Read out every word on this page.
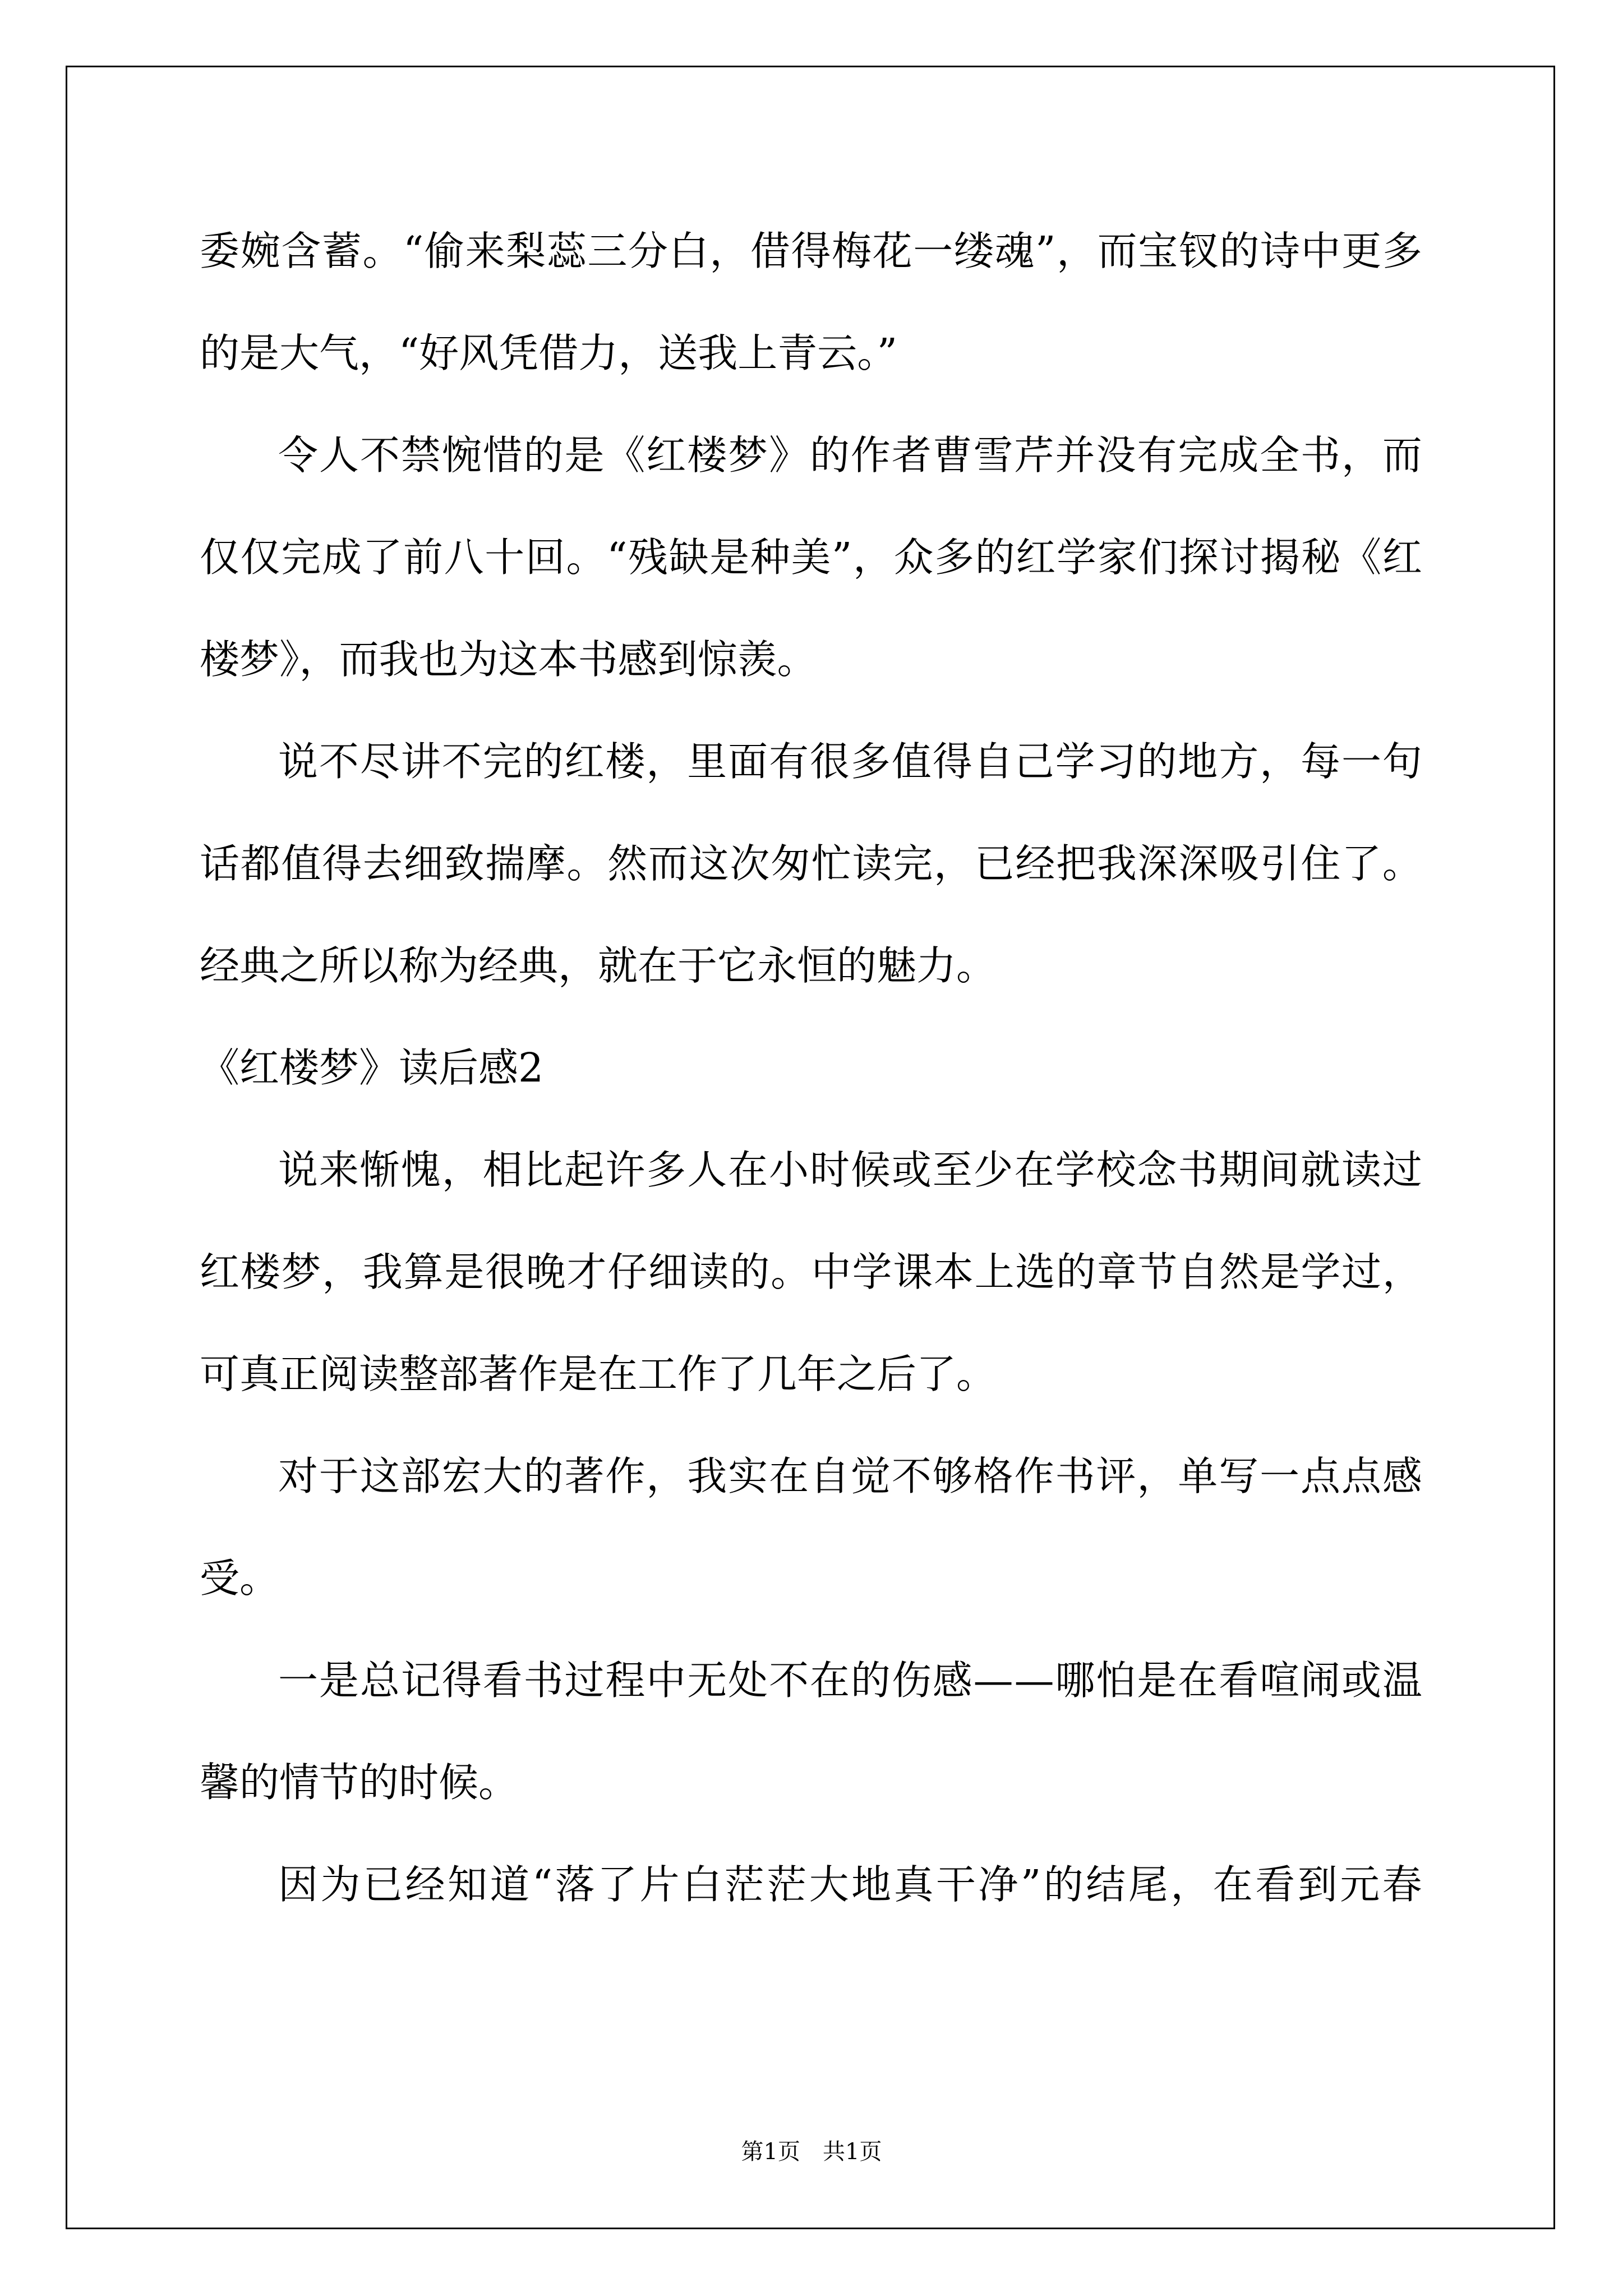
委 婉 含 蓄 。 “ 偷 来 梨 蕊 三 分 白 ， 借 得 梅 花 一 缕 魂 ” ， 而 宝 钗 的 诗 中 更 多
的是大气，“好风凭借力，送我上青云。”
令 人 不 禁 惋 惜 的 是 《 红 楼 梦 》 的 作 者 曹 雪 芹 并 没 有 完 成 全 书 ， 而
仅 仅 完 成 了 前 八 十 回 。 “ 残 缺 是 种 美 ” ， 众 多 的 红 学 家 们 探 讨 揭 秘 《 红
楼梦》，而我也为这本书感到惊羡。
说 不 尽 讲 不 完 的 红 楼 ， 里 面 有 很 多 值 得 自 己 学 习 的 地 方 ， 每 一 句
话 都 值 得 去 细 致 揣 摩 。 然 而 这 次 匆 忙 读 完 ， 已 经 把 我 深 深 吸 引 住 了 。
经典之所以称为经典，就在于它永恒的魅力。
《红楼梦》读后感2
说 来 惭 愧 ， 相 比 起 许 多 人 在 小 时 候 或 至 少 在 学 校 念 书 期 间 就 读 过
红 楼 梦 ， 我 算 是 很 晚 才 仔 细 读 的 。 中 学 课 本 上 选 的 章 节 自 然 是 学 过 ，
可真正阅读整部著作是在工作了几年之后了。
对 于 这 部 宏 大 的 著 作 ， 我 实 在 自 觉 不 够 格 作 书 评 ， 单 写 一 点 点 感
受。
一 是 总 记 得 看 书 过 程 中 无 处 不 在 的 伤 感 — — 哪 怕 是 在 看 喧 闹 或 温
馨的情节的时候。
因 为 已 经 知 道 “ 落 了 片 白 茫 茫 大 地 真 干 净 ” 的 结 尾 ， 在 看 到 元 春
第1页　共1页
